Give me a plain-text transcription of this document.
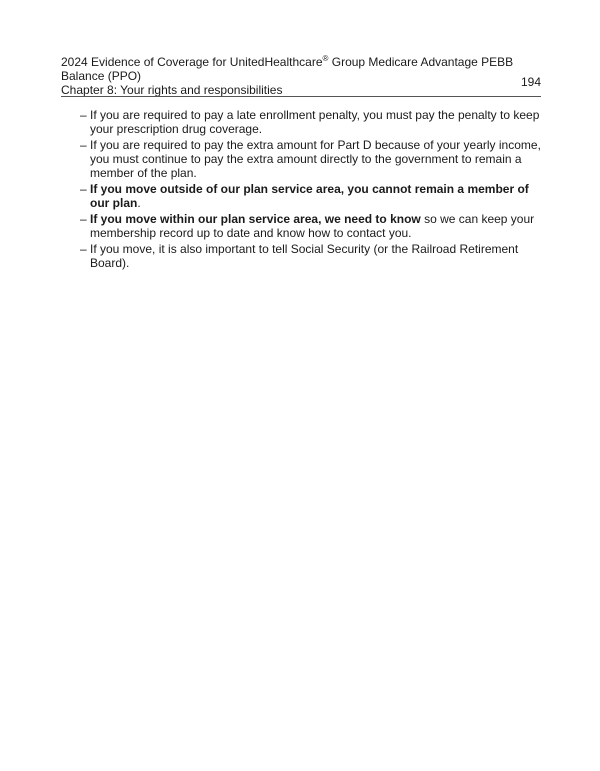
2024 Evidence of Coverage for UnitedHealthcare® Group Medicare Advantage PEBB Balance (PPO)
Chapter 8: Your rights and responsibilities
194
– If you are required to pay a late enrollment penalty, you must pay the penalty to keep your prescription drug coverage.
– If you are required to pay the extra amount for Part D because of your yearly income, you must continue to pay the extra amount directly to the government to remain a member of the plan.
– If you move outside of our plan service area, you cannot remain a member of our plan.
– If you move within our plan service area, we need to know so we can keep your membership record up to date and know how to contact you.
– If you move, it is also important to tell Social Security (or the Railroad Retirement Board).
